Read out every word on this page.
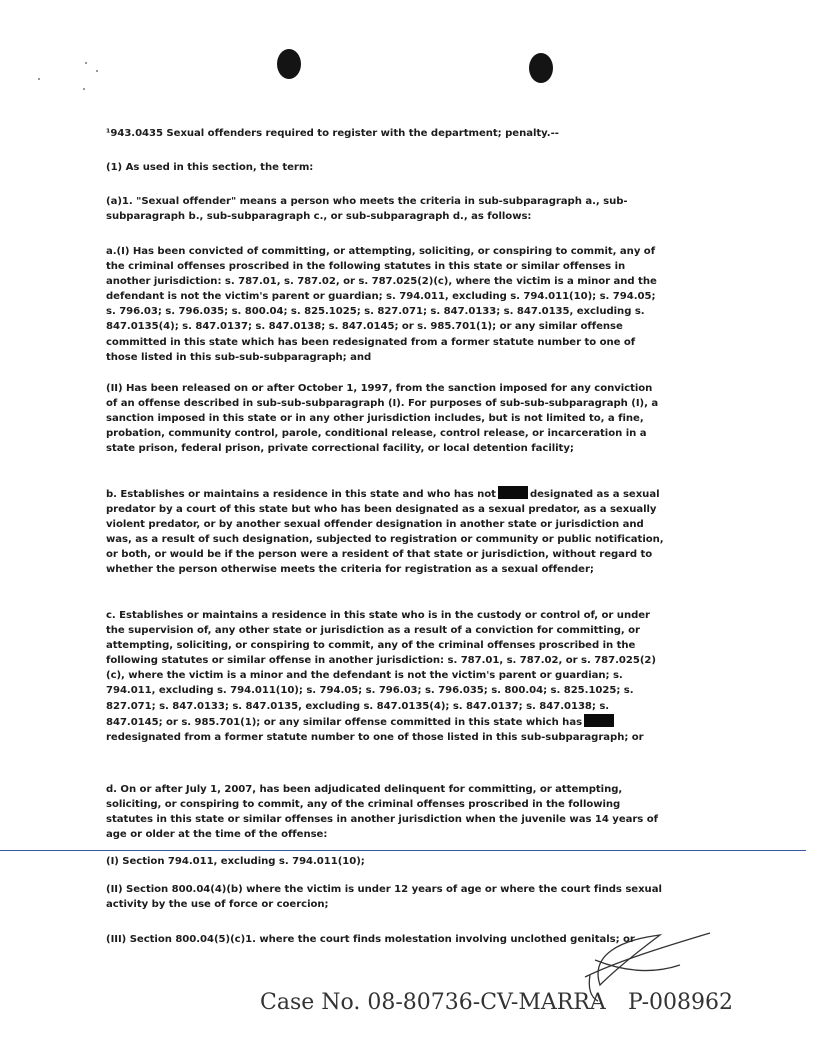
¹943.0435 Sexual offenders required to register with the department; penalty.--
(1) As used in this section, the term:
(a)1. "Sexual offender" means a person who meets the criteria in sub-subparagraph a., sub-subparagraph b., sub-subparagraph c., or sub-subparagraph d., as follows:
a.(I) Has been convicted of committing, or attempting, soliciting, or conspiring to commit, any of the criminal offenses proscribed in the following statutes in this state or similar offenses in another jurisdiction: s. 787.01, s. 787.02, or s. 787.025(2)(c), where the victim is a minor and the defendant is not the victim's parent or guardian; s. 794.011, excluding s. 794.011(10); s. 794.05; s. 796.03; s. 796.035; s. 800.04; s. 825.1025; s. 827.071; s. 847.0133; s. 847.0135, excluding s. 847.0135(4); s. 847.0137; s. 847.0138; s. 847.0145; or s. 985.701(1); or any similar offense committed in this state which has been redesignated from a former statute number to one of those listed in this sub-sub-subparagraph; and
(II) Has been released on or after October 1, 1997, from the sanction imposed for any conviction of an offense described in sub-sub-subparagraph (I). For purposes of sub-sub-subparagraph (I), a sanction imposed in this state or in any other jurisdiction includes, but is not limited to, a fine, probation, community control, parole, conditional release, control release, or incarceration in a state prison, federal prison, private correctional facility, or local detention facility;
b. Establishes or maintains a residence in this state and who has not	designated as a sexual predator by a court of this state but who has been designated as a sexual predator, as a sexually violent predator, or by another sexual offender designation in another state or jurisdiction and was, as a result of such designation, subjected to registration or community or public notification, or both, or would be if the person were a resident of that state or jurisdiction, without regard to whether the person otherwise meets the criteria for registration as a sexual offender;
c. Establishes or maintains a residence in this state who is in the custody or control of, or under the supervision of, any other state or jurisdiction as a result of a conviction for committing, or attempting, soliciting, or conspiring to commit, any of the criminal offenses proscribed in the following statutes or similar offense in another jurisdiction: s. 787.01, s. 787.02, or s. 787.025(2)(c), where the victim is a minor and the defendant is not the victim's parent or guardian; s. 794.011, excluding s. 794.011(10); s. 794.05; s. 796.03; s. 796.035; s. 800.04; s. 825.1025; s. 827.071; s. 847.0133; s. 847.0135, excluding s. 847.0135(4); s. 847.0137; s. 847.0138; s. 847.0145; or s. 985.701(1); or any similar offense committed in this state which hasredesignated from a former statute number to one of those listed in this sub-subparagraph; or
d. On or after July 1, 2007, has been adjudicated delinquent for committing, or attempting, soliciting, or conspiring to commit, any of the criminal offenses proscribed in the following statutes in this state or similar offenses in another jurisdiction when the juvenile was 14 years of age or older at the time of the offense:
(I) Section 794.011, excluding s. 794.011(10);
(II) Section 800.04(4)(b) where the victim is under 12 years of age or where the court finds sexual activity by the use of force or coercion;
(III) Section 800.04(5)(c)1. where the court finds molestation involving unclothed genitals; or
Case No. 08-80736-CV-MARRA P-008962
